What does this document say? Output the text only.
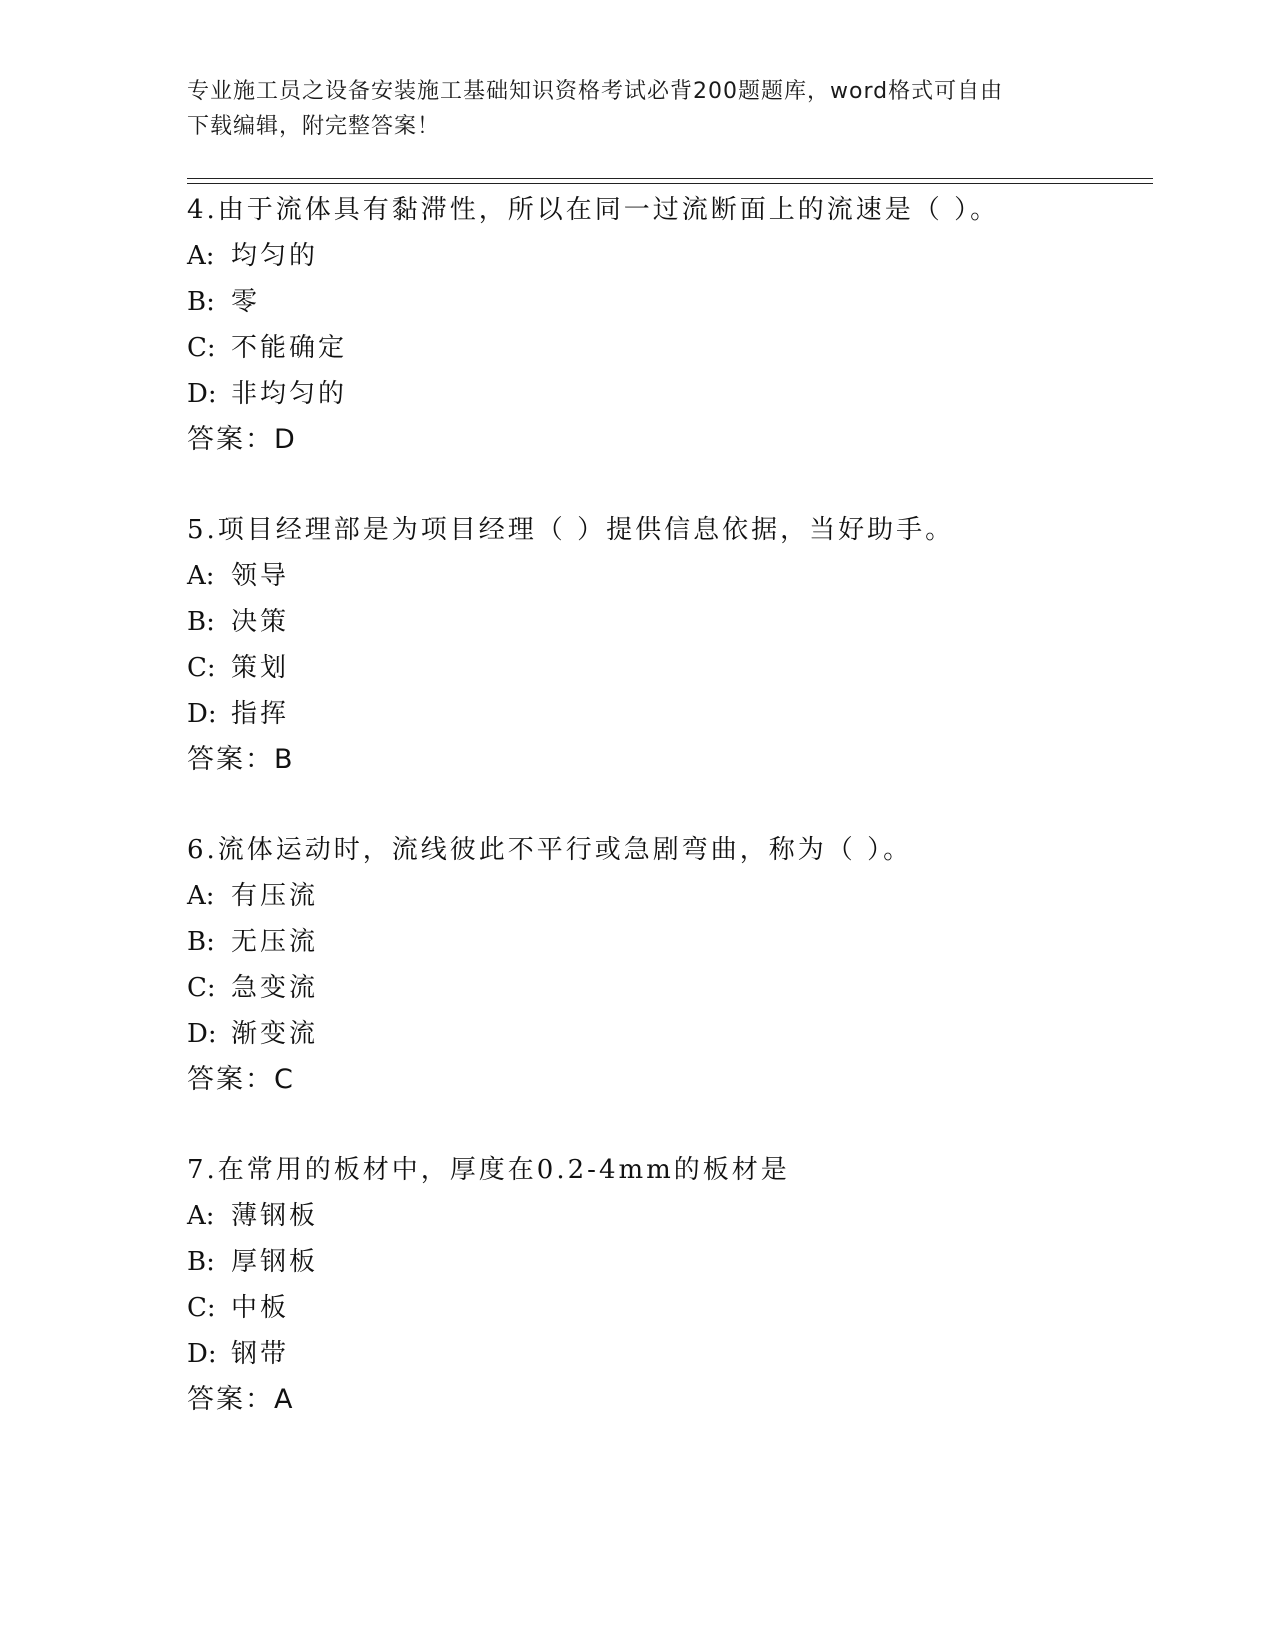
专业施工员之设备安装施工基础知识资格考试必背200题题库，word格式可自由
下载编辑，附完整答案！
4.由于流体具有黏滞性，所以在同一过流断面上的流速是（ ）。
A: 均匀的
B: 零
C: 不能确定
D: 非均匀的
答案：D
5.项目经理部是为项目经理（ ）提供信息依据，当好助手。
A: 领导
B: 决策
C: 策划
D: 指挥
答案：B
6.流体运动时，流线彼此不平行或急剧弯曲，称为（ ）。
A: 有压流
B: 无压流
C: 急变流
D: 渐变流
答案：C
7.在常用的板材中，厚度在0.2-4mm的板材是
A: 薄钢板
B: 厚钢板
C: 中板
D: 钢带
答案：A
